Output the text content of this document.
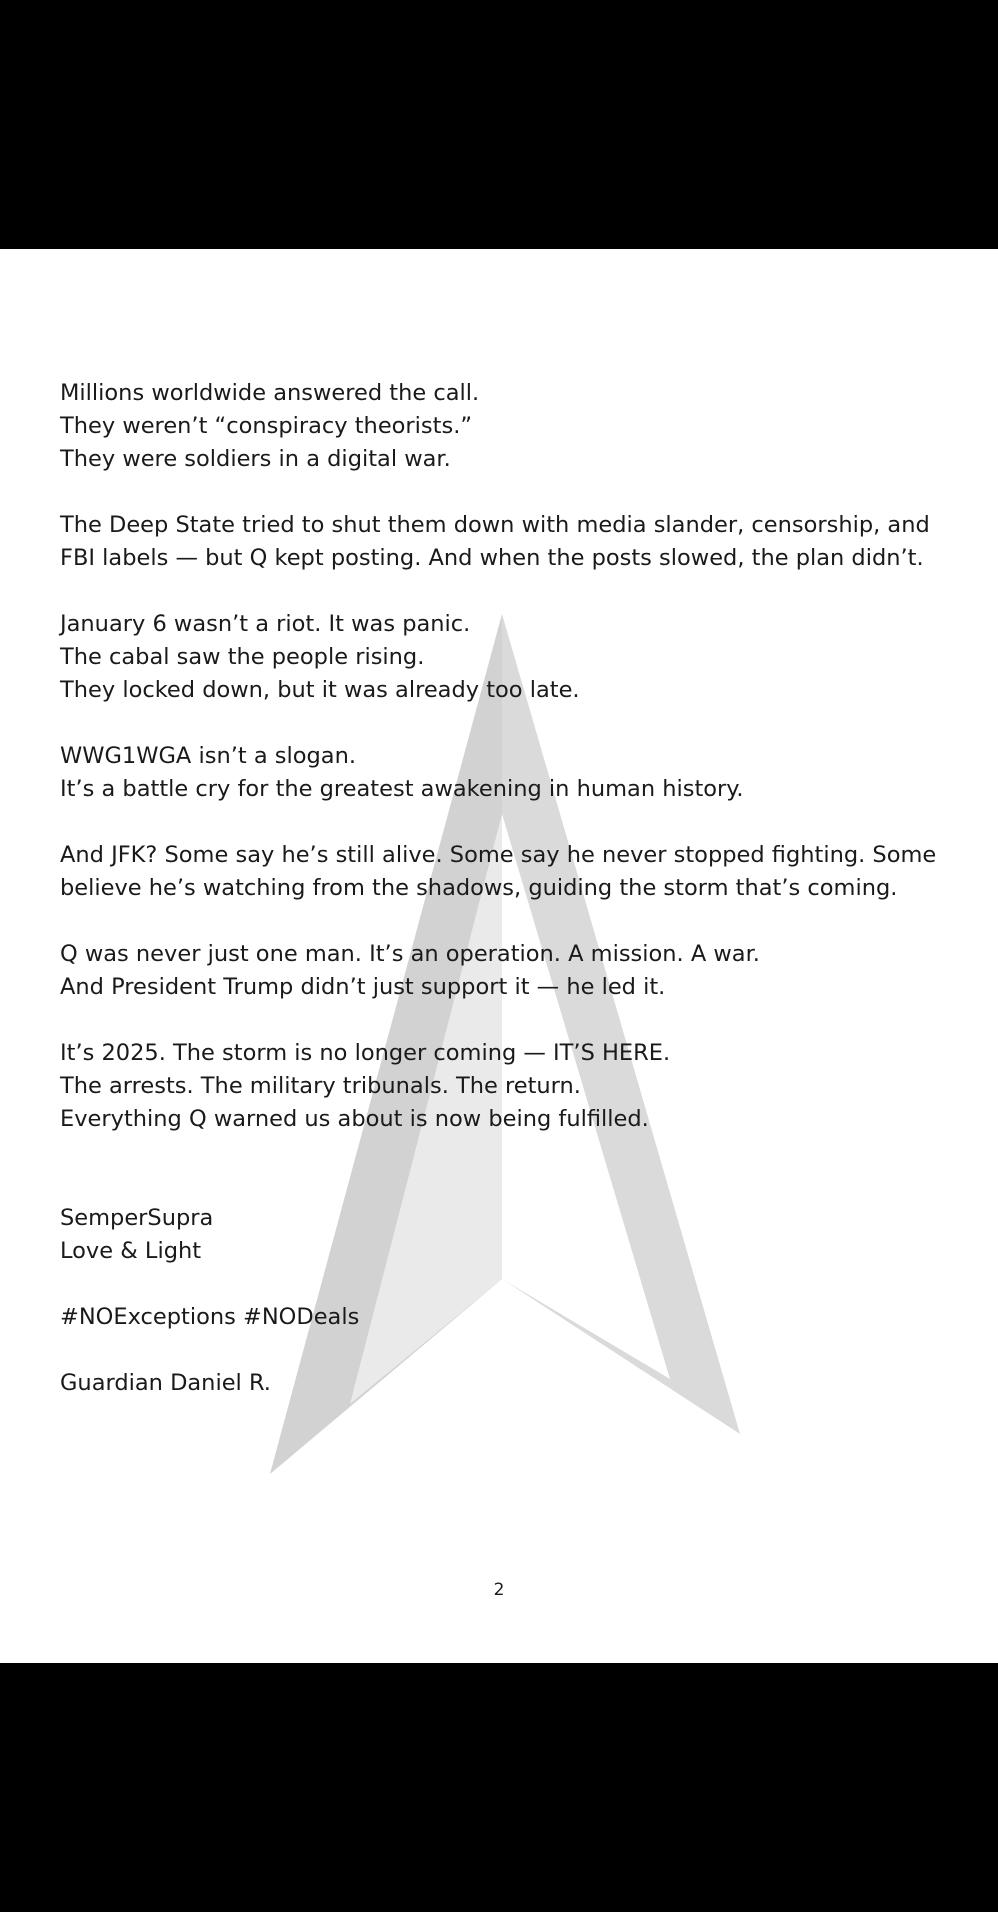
Millions worldwide answered the call.
They weren’t “conspiracy theorists.”
They were soldiers in a digital war.

The Deep State tried to shut them down with media slander, censorship, and
FBI labels — but Q kept posting. And when the posts slowed, the plan didn’t.

January 6 wasn’t a riot. It was panic.
The cabal saw the people rising.
They locked down, but it was already too late.

WWG1WGA isn’t a slogan.
It’s a battle cry for the greatest awakening in human history.

And JFK? Some say he’s still alive. Some say he never stopped fighting. Some
believe he’s watching from the shadows, guiding the storm that’s coming.

Q was never just one man. It’s an operation. A mission. A war.
And President Trump didn’t just support it — he led it.

It’s 2025. The storm is no longer coming — IT’S HERE.
The arrests. The military tribunals. The return.
Everything Q warned us about is now being fulfilled.

SemperSupra
Love & Light

#NOExceptions #NODeals

Guardian Daniel R.

2
